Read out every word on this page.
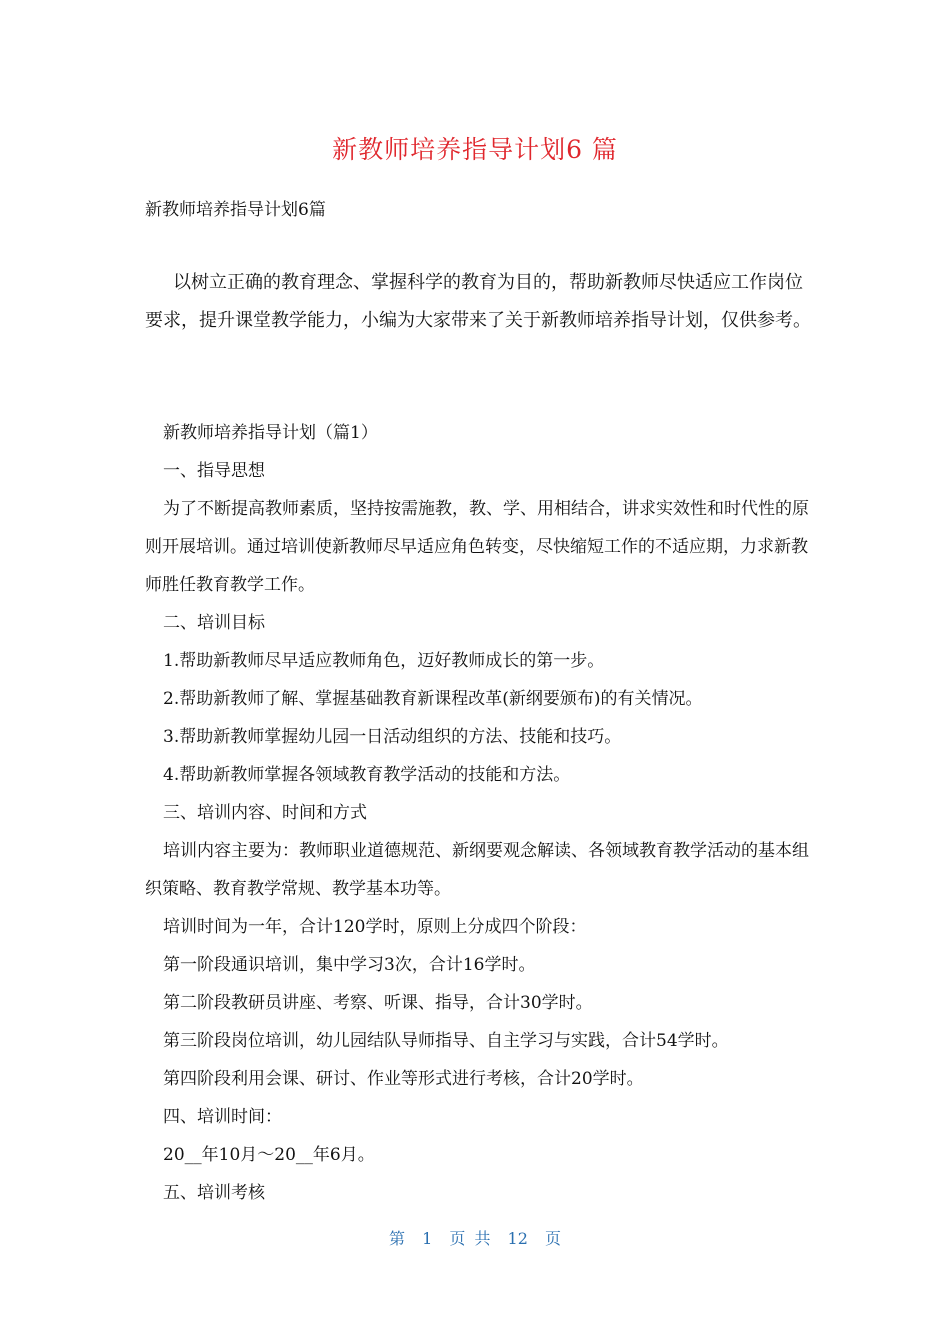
新教师培养指导计划6 篇
新教师培养指导计划6篇
以树立正确的教育理念、掌握科学的教育为目的，帮助新教师尽快适应工作岗位要求，提升课堂教学能力，小编为大家带来了关于新教师培养指导计划，仅供参考。
新教师培养指导计划（篇1）
一、指导思想
为了不断提高教师素质，坚持按需施教，教、学、用相结合，讲求实效性和时代性的原则开展培训。通过培训使新教师尽早适应角色转变，尽快缩短工作的不适应期，力求新教师胜任教育教学工作。
二、培训目标
1.帮助新教师尽早适应教师角色，迈好教师成长的第一步。
2.帮助新教师了解、掌握基础教育新课程改革(新纲要颁布)的有关情况。
3.帮助新教师掌握幼儿园一日活动组织的方法、技能和技巧。
4.帮助新教师掌握各领域教育教学活动的技能和方法。
三、培训内容、时间和方式
培训内容主要为：教师职业道德规范、新纲要观念解读、各领域教育教学活动的基本组织策略、教育教学常规、教学基本功等。
培训时间为一年，合计120学时，原则上分成四个阶段：
第一阶段通识培训，集中学习3次，合计16学时。
第二阶段教研员讲座、考察、听课、指导，合计30学时。
第三阶段岗位培训，幼儿园结队导师指导、自主学习与实践，合计54学时。
第四阶段利用会课、研讨、作业等形式进行考核，合计20学时。
四、培训时间：
20__年10月～20__年6月。
五、培训考核
第 1 页 共 12 页
